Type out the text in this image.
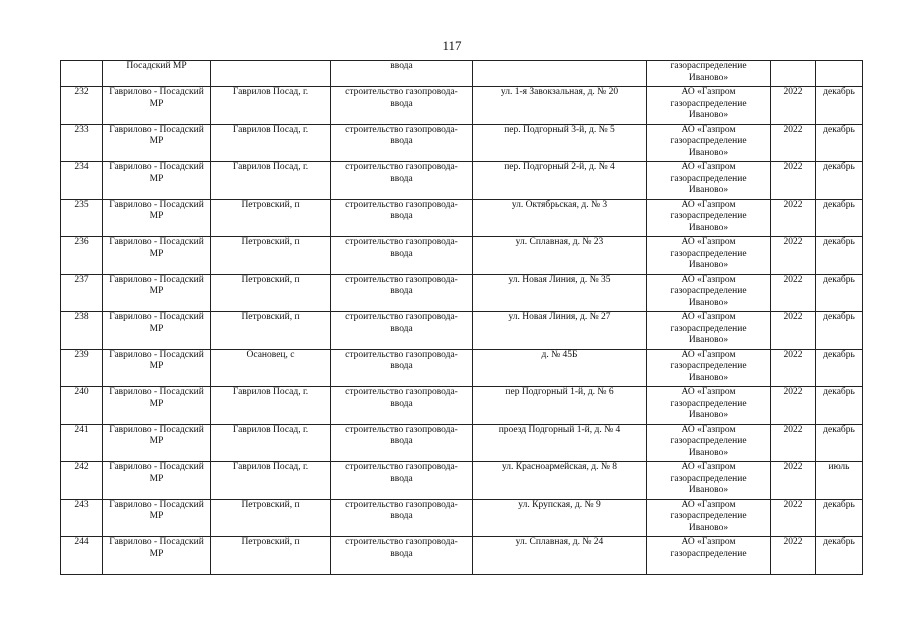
117
	Посадский МР		ввода		газораспределение Иваново»		
232	Гаврилово - Посадский МР	Гаврилов Посад, г.	строительство газопровода-ввода	ул. 1-я Завокзальная, д. № 20	АО «Газпром газораспределение Иваново»	2022	декабрь
233	Гаврилово - Посадский МР	Гаврилов Посад, г.	строительство газопровода-ввода	пер. Подгорный 3-й, д. № 5	АО «Газпром газораспределение Иваново»	2022	декабрь
234	Гаврилово - Посадский МР	Гаврилов Посад, г.	строительство газопровода-ввода	пер. Подгорный 2-й, д. № 4	АО «Газпром газораспределение Иваново»	2022	декабрь
235	Гаврилово - Посадский МР	Петровский, п	строительство газопровода-ввода	ул. Октябрьская, д. № 3	АО «Газпром газораспределение Иваново»	2022	декабрь
236	Гаврилово - Посадский МР	Петровский, п	строительство газопровода-ввода	ул. Сплавная, д. № 23	АО «Газпром газораспределение Иваново»	2022	декабрь
237	Гаврилово - Посадский МР	Петровский, п	строительство газопровода-ввода	ул. Новая Линия, д. № 35	АО «Газпром газораспределение Иваново»	2022	декабрь
238	Гаврилово - Посадский МР	Петровский, п	строительство газопровода-ввода	ул. Новая Линия, д. № 27	АО «Газпром газораспределение Иваново»	2022	декабрь
239	Гаврилово - Посадский МР	Осановец, с	строительство газопровода-ввода	д. № 45Б	АО «Газпром газораспределение Иваново»	2022	декабрь
240	Гаврилово - Посадский МР	Гаврилов Посад, г.	строительство газопровода-ввода	пер Подгорный 1-й, д. № 6	АО «Газпром газораспределение Иваново»	2022	декабрь
241	Гаврилово - Посадский МР	Гаврилов Посад, г.	строительство газопровода-ввода	проезд Подгорный 1-й, д. № 4	АО «Газпром газораспределение Иваново»	2022	декабрь
242	Гаврилово - Посадский МР	Гаврилов Посад, г.	строительство газопровода-ввода	ул. Красноармейская, д. № 8	АО «Газпром газораспределение Иваново»	2022	июль
243	Гаврилово - Посадский МР	Петровский, п	строительство газопровода-ввода	ул. Крупская, д. № 9	АО «Газпром газораспределение Иваново»	2022	декабрь
244	Гаврилово - Посадский МР	Петровский, п	строительство газопровода-ввода	ул. Сплавная, д. № 24	АО «Газпром газораспределение	2022	декабрь
